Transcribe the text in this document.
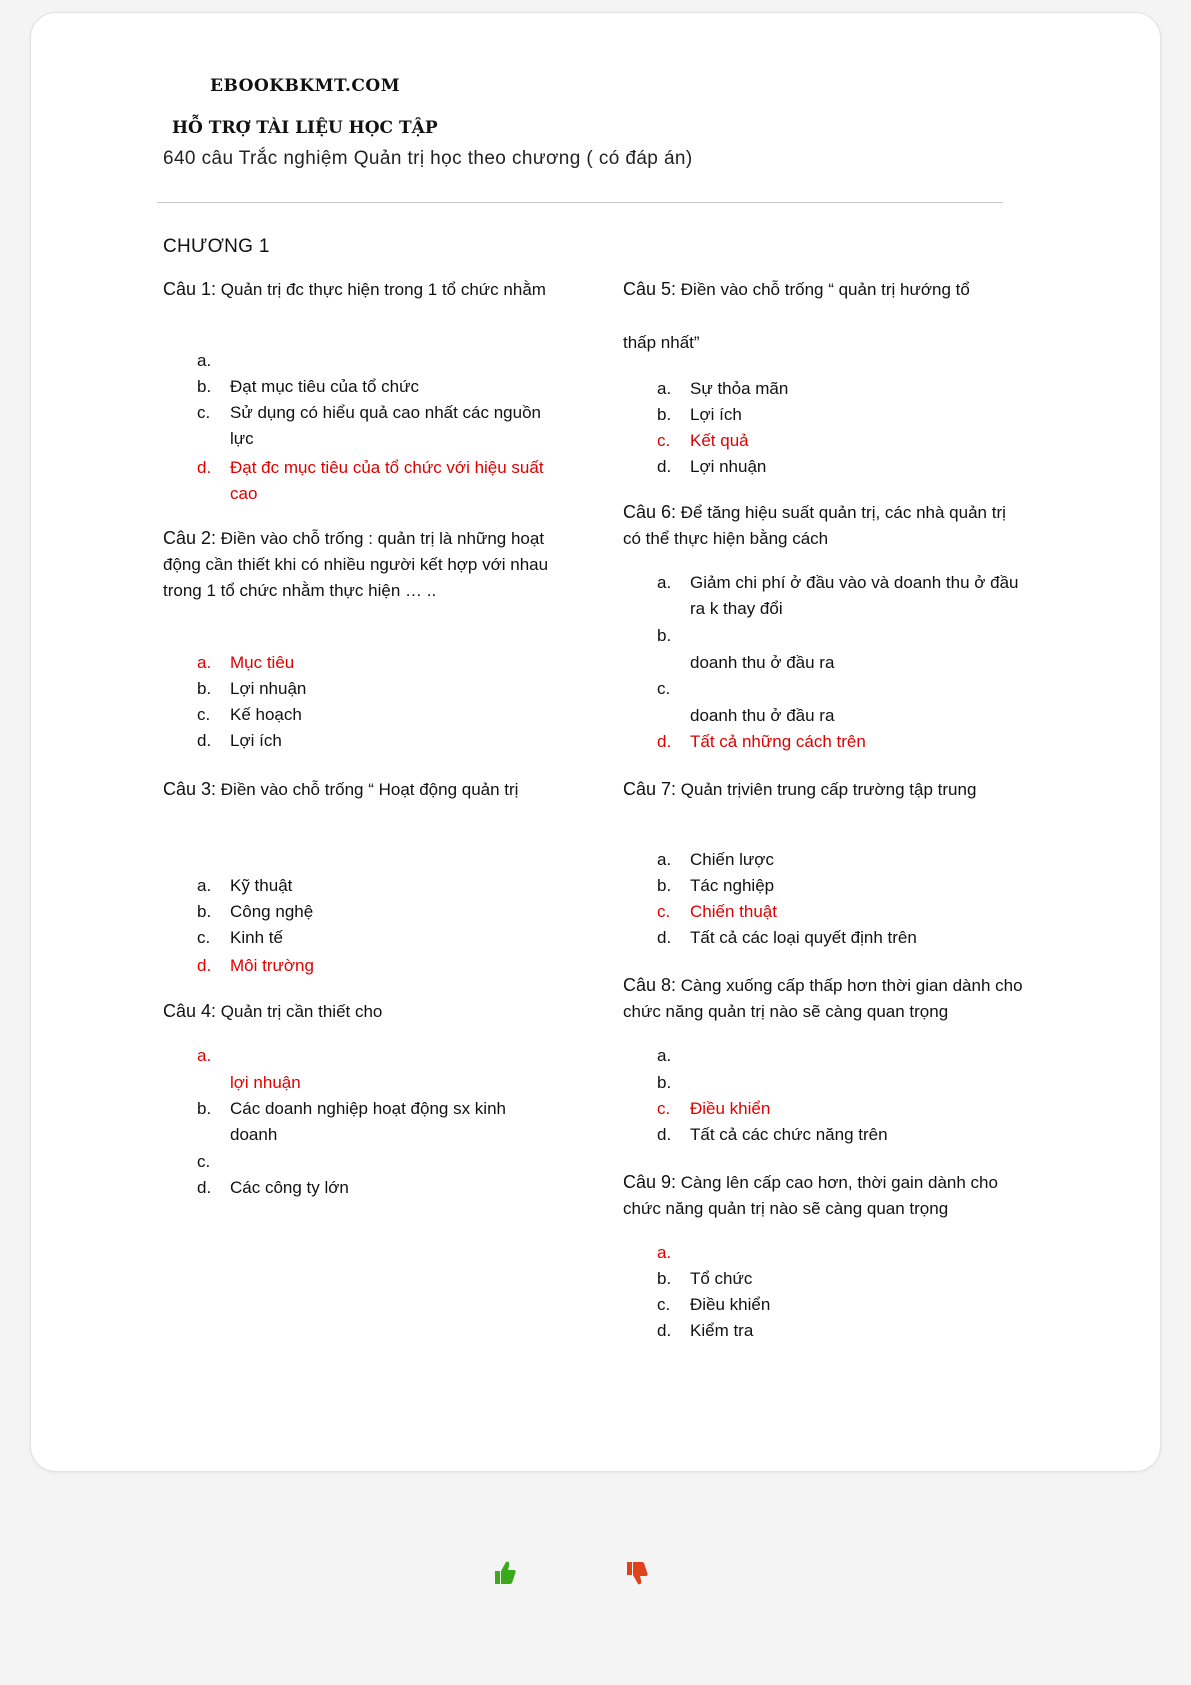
EBOOKBKMT.COM
HỖ TRỢ TÀI LIỆU HỌC TẬP
640 câu Trắc nghiệm Quản trị học theo chương ( có đáp án)
CHƯƠNG 1
Câu 1: Quản trị đc thực hiện trong 1 tổ chức nhằm
a.
b.	Đạt mục tiêu của tổ chức
c.	Sử dụng có hiểu quả cao nhất các nguồn lực
d.	Đạt đc mục tiêu của tổ chức với hiệu suất cao
Câu 2: Điền vào chỗ trống : quản trị là những hoạt động cần thiết khi có nhiều người kết hợp với nhau trong 1 tổ chức nhằm thực hiện … ..
a.	Mục tiêu
b.	Lợi nhuận
c.	Kế hoạch
d.	Lợi ích
Câu 3: Điền vào chỗ trống “ Hoạt động quản trị
a.	Kỹ thuật
b.	Công nghệ
c.	Kinh tế
d.	Môi trường
Câu 4: Quản trị cần thiết cho
a.
lợi nhuận
b.	Các doanh nghiệp hoạt động sx kinh doanh
c.
d.	Các công ty lớn
Câu 5: Điền vào chỗ trống “ quản trị hướng tổ
thấp nhất”
a.	Sự thỏa mãn
b.	Lợi ích
c.	Kết quả
d.	Lợi nhuận
Câu 6: Để tăng hiệu suất quản trị, các nhà quản trị có thể thực hiện bằng cách
a.	Giảm chi phí ở đầu vào và doanh thu ở đầu ra k thay đổi
b.
doanh thu ở đầu ra
c.
doanh thu ở đầu ra
d.	Tất cả những cách trên
Câu 7: Quản trịviên trung cấp trường tập trung
a.	Chiến lược
b.	Tác nghiệp
c.	Chiến thuật
d.	Tất cả các loại quyết định trên
Câu 8: Càng xuống cấp thấp hơn thời gian dành cho chức năng quản trị nào sẽ càng quan trọng
a.
b.
c.	Điều khiển
d.	Tất cả các chức năng trên
Câu 9: Càng lên cấp cao hơn, thời gain dành cho chức năng quản trị nào sẽ càng quan trọng
a.
b.	Tổ chức
c.	Điều khiển
d.	Kiểm tra
